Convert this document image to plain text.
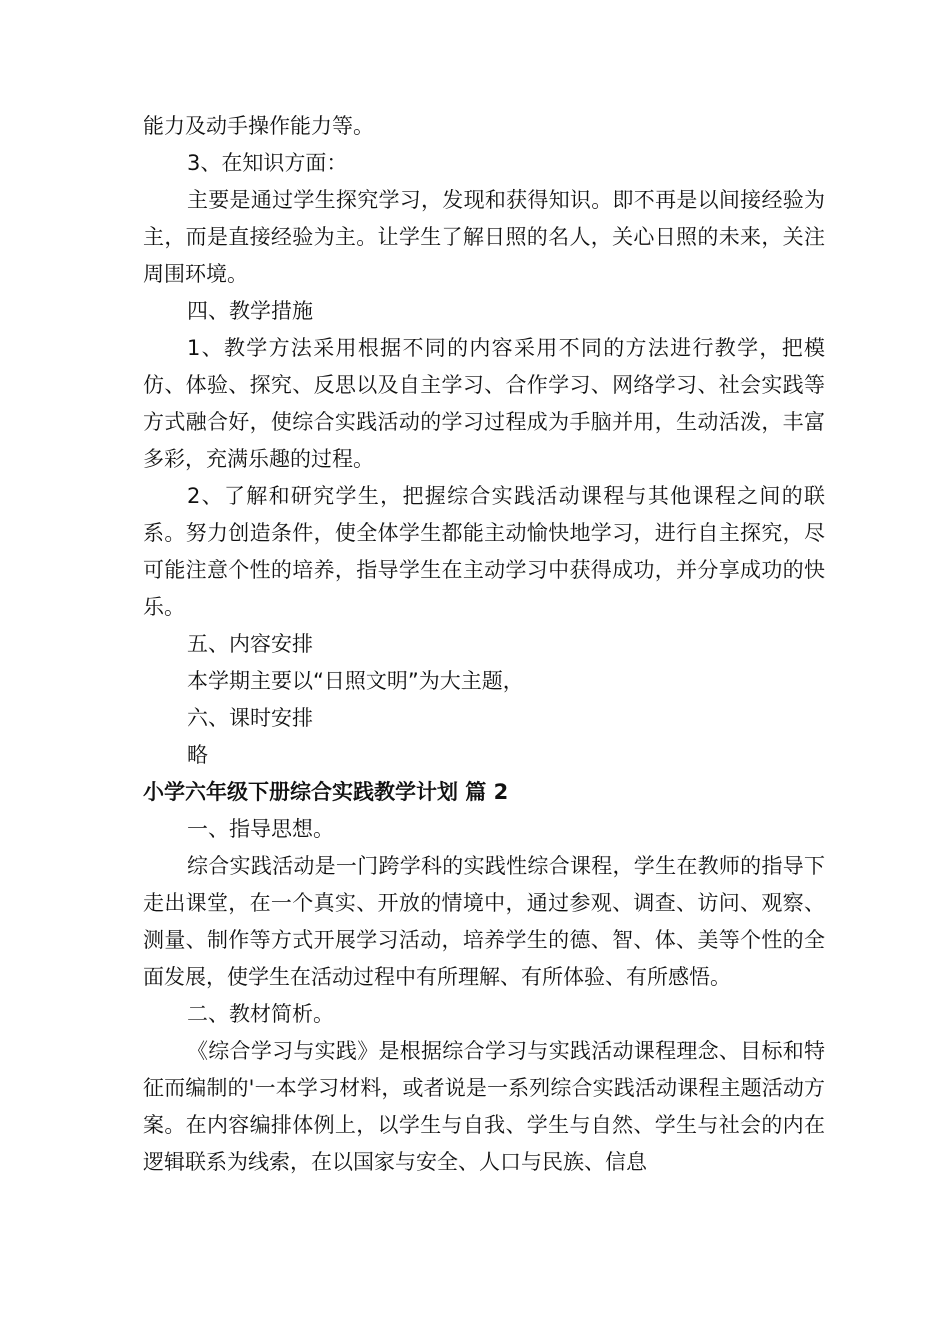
能力及动手操作能力等。

3、在知识方面：

主要是通过学生探究学习，发现和获得知识。即不再是以间接经验为主，而是直接经验为主。让学生了解日照的名人，关心日照的未来，关注周围环境。

四、教学措施

1、教学方法采用根据不同的内容采用不同的方法进行教学，把模仿、体验、探究、反思以及自主学习、合作学习、网络学习、社会实践等方式融合好，使综合实践活动的学习过程成为手脑并用，生动活泼，丰富多彩，充满乐趣的过程。

2、了解和研究学生，把握综合实践活动课程与其他课程之间的联系。努力创造条件，使全体学生都能主动愉快地学习，进行自主探究，尽可能注意个性的培养，指导学生在主动学习中获得成功，并分享成功的快乐。

五、内容安排

本学期主要以“日照文明”为大主题，

六、课时安排

略

小学六年级下册综合实践教学计划 篇 2

一、指导思想。

综合实践活动是一门跨学科的实践性综合课程，学生在教师的指导下走出课堂，在一个真实、开放的情境中，通过参观、调查、访问、观察、测量、制作等方式开展学习活动，培养学生的德、智、体、美等个性的全面发展，使学生在活动过程中有所理解、有所体验、有所感悟。

二、教材简析。

《综合学习与实践》是根据综合学习与实践活动课程理念、目标和特征而编制的'一本学习材料，或者说是一系列综合实践活动课程主题活动方案。在内容编排体例上，以学生与自我、学生与自然、学生与社会的内在逻辑联系为线索，在以国家与安全、人口与民族、信息
